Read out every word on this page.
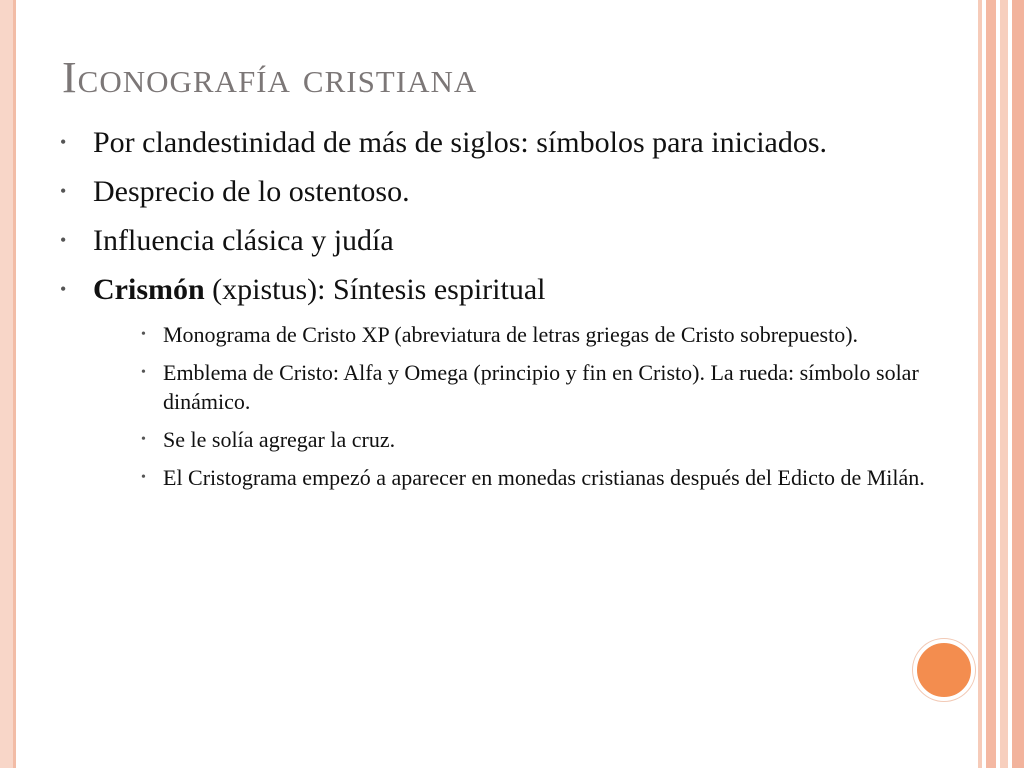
Iconografía cristiana
• Por clandestinidad de más de siglos: símbolos para iniciados.
• Desprecio de lo ostentoso.
• Influencia clásica y judía
• Crismón (xpistus): Síntesis espiritual
• Monograma de Cristo XP (abreviatura de letras griegas de Cristo sobrepuesto).
• Emblema de Cristo: Alfa y Omega (principio y fin en Cristo). La rueda: símbolo solar dinámico.
• Se le solía agregar la cruz.
• El Cristograma empezó a aparecer en monedas cristianas después del Edicto de Milán.
